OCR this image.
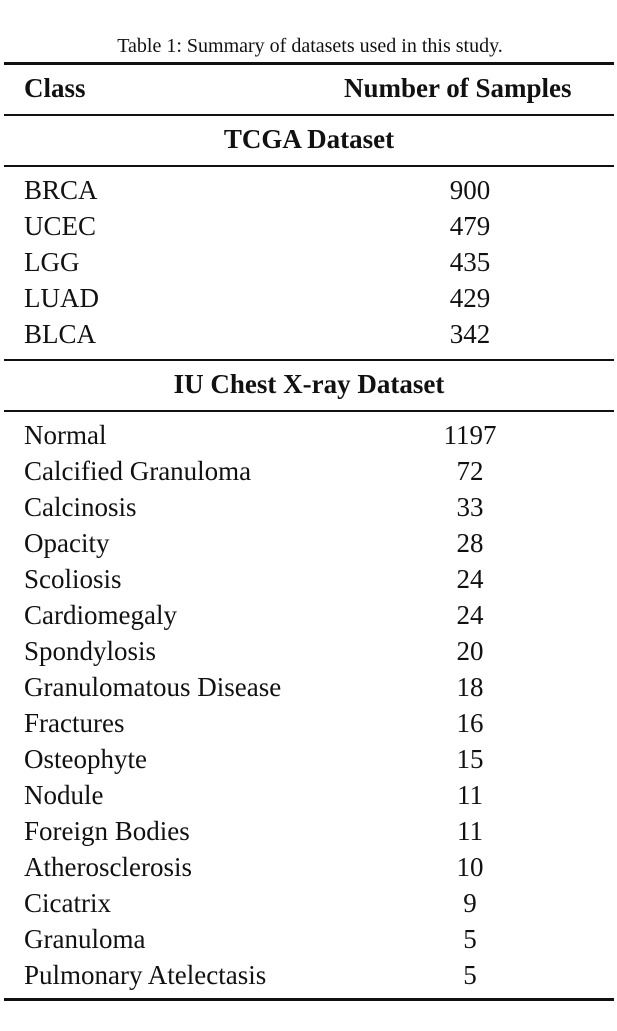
Table 1: Summary of datasets used in this study.
Class	Number of Samples
TCGA Dataset
BRCA	900
UCEC	479
LGG	435
LUAD	429
BLCA	342
IU Chest X-ray Dataset
Normal	1197
Calcified Granuloma	72
Calcinosis	33
Opacity	28
Scoliosis	24
Cardiomegaly	24
Spondylosis	20
Granulomatous Disease	18
Fractures	16
Osteophyte	15
Nodule	11
Foreign Bodies	11
Atherosclerosis	10
Cicatrix	9
Granuloma	5
Pulmonary Atelectasis	5
